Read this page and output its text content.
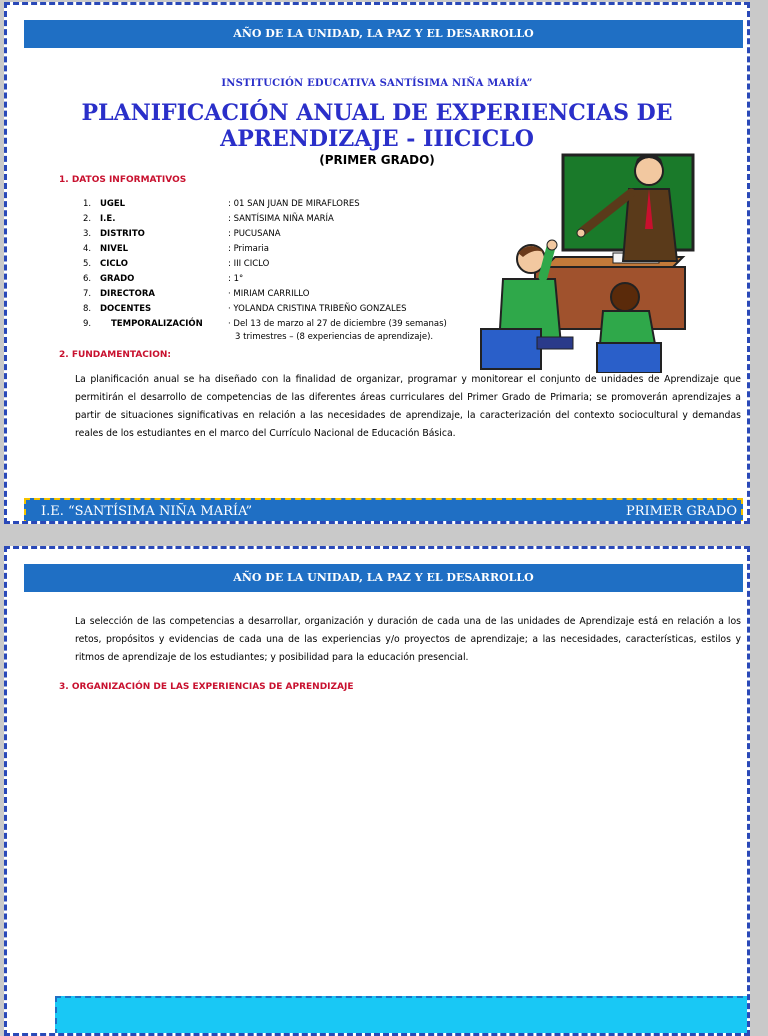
AÑO DE LA UNIDAD, LA PAZ Y EL DESARROLLO
INSTITUCIÓN EDUCATIVA SANTÍSIMA NIÑA MARÍA”
PLANIFICACIÓN ANUAL DE EXPERIENCIAS DE
APRENDIZAJE - IIICICLO
(PRIMER GRADO)
1. DATOS INFORMATIVOS
1. UGEL	: 01 SAN JUAN DE MIRAFLORES
2. I.E.	: SANTÍSIMA NIÑA MARÍA
3. DISTRITO	: PUCUSANA
4. NIVEL	: Primaria
5. CICLO	: III CICLO
6. GRADO	: 1°
7. DIRECTORA	· MIRIAM CARRILLO
8. DOCENTES	· YOLANDA CRISTINA TRIBEÑO GONZALES
9. TEMPORALIZACIÓN	· Del 13 de marzo al 27 de diciembre (39 semanas)
3 trimestres – (8 experiencias de aprendizaje).
2. FUNDAMENTACION:
La planificación anual se ha diseñado con la finalidad de organizar, programar y monitorear el conjunto de unidades de Aprendizaje que permitirán el desarrollo de competencias de las diferentes áreas curriculares del Primer Grado de Primaria; se promoverán aprendizajes a partir de situaciones significativas en relación a las necesidades de aprendizaje, la caracterización del contexto sociocultural y demandas reales de los estudiantes en el marco del Currículo Nacional de Educación Básica.
I.E. “SANTÍSIMA NIÑA MARÍA”	PRIMER GRADO
AÑO DE LA UNIDAD, LA PAZ Y EL DESARROLLO
La selección de las competencias a desarrollar, organización y duración de cada una de las unidades de Aprendizaje está en relación a los retos, propósitos y evidencias de cada una de las experiencias y/o proyectos de aprendizaje; a las necesidades, características, estilos y ritmos de aprendizaje de los estudiantes; y posibilidad para la educación presencial.
3. ORGANIZACIÓN DE LAS EXPERIENCIAS DE APRENDIZAJE
